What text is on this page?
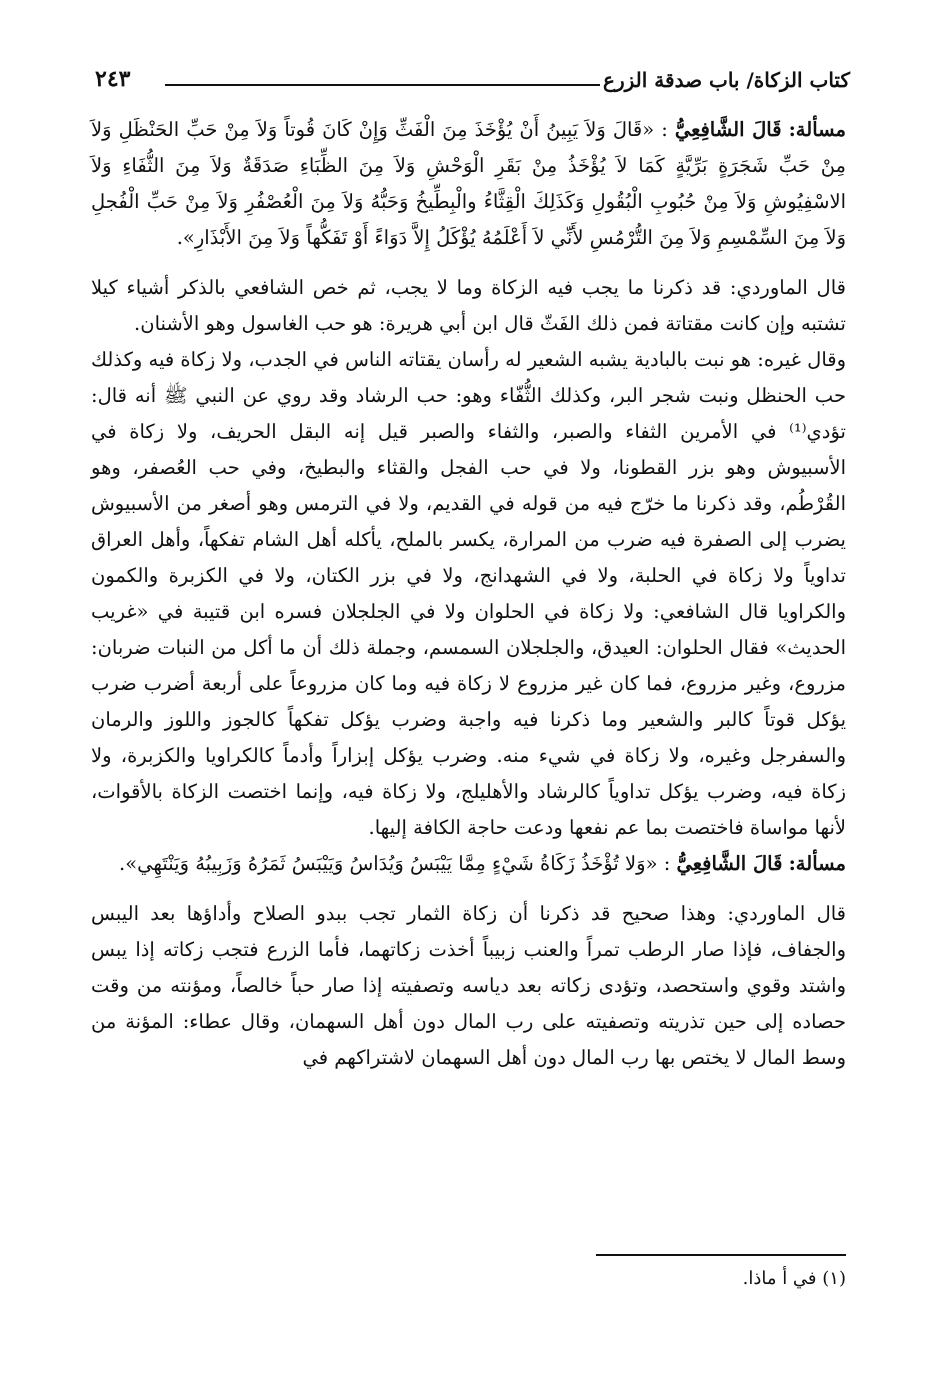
كتاب الزكاة/ باب صدقة الزرع
٢٤٣

مسألة: قَالَ الشَّافِعِيُّ : «قَالَ وَلاَ يَبِينُ أَنْ يُؤْخَذَ مِنَ الْفَثِّ وَإِنْ كَانَ قُوتاً وَلاَ مِنْ حَبِّ الحَنْظَلِ وَلاَ مِنْ حَبِّ شَجَرَةٍ بَرِّيَّةٍ كَمَا لاَ يُؤْخَذُ مِنْ بَقَرِ الْوَحْشِ وَلاَ مِنَ الظِّبَاءِ صَدَقَةٌ وَلاَ مِنَ الثُّفَاءِ وَلاَ الاسْفِيُوشِ وَلاَ مِنْ حُبُوبِ الْبُقُولِ وَكَذَلِكَ الْقِثَّاءُ والْبِطِّيخُ وَحَبُّهُ وَلاَ مِنَ الْعُصْفُرِ وَلاَ مِنْ حَبِّ الْفُجلِ وَلاَ مِنَ السِّمْسِمِ وَلاَ مِنَ التُّرْمُسِ لأَنِّي لاَ أَعْلَمُهُ يُؤْكَلُ إِلاَّ دَوَاءً أَوْ تَفَكُّهاً وَلاَ مِنَ الأَبْذَارِ».

قال الماوردي: قد ذكرنا ما يجب فيه الزكاة وما لا يجب، ثم خص الشافعي بالذكر أشياء كيلا تشتبه وإن كانت مقتاتة فمن ذلك الفَثّ قال ابن أبي هريرة: هو حب الغاسول وهو الأشنان.

وقال غيره: هو نبت بالبادية يشبه الشعير له رأسان يقتاته الناس في الجدب، ولا زكاة فيه وكذلك حب الحنظل ونبت شجر البر، وكذلك الثُّفّاء وهو: حب الرشاد وقد روي عن النبي ﷺ أنه قال: تؤدي⁽¹⁾ في الأمرين الثفاء والصبر، والثفاء والصبر قيل إنه البقل الحريف، ولا زكاة في الأسبيوش وهو بزر القطونا، ولا في حب الفجل والقثاء والبطيخ، وفي حب العُصفر، وهو القُرْطُم، وقد ذكرنا ما خرّج فيه من قوله في القديم، ولا في الترمس وهو أصغر من الأسبيوش يضرب إلى الصفرة فيه ضرب من المرارة، يكسر بالملح، يأكله أهل الشام تفكهاً، وأهل العراق تداوياً ولا زكاة في الحلبة، ولا في الشهدانج، ولا في بزر الكتان، ولا في الكزبرة والكمون والكراويا قال الشافعي: ولا زكاة في الحلوان ولا في الجلجلان فسره ابن قتيبة في «غريب الحديث» فقال الحلوان: العيدق، والجلجلان السمسم، وجملة ذلك أن ما أكل من النبات ضربان: مزروع، وغير مزروع، فما كان غير مزروع لا زكاة فيه وما كان مزروعاً على أربعة أضرب ضرب يؤكل قوتاً كالبر والشعير وما ذكرنا فيه واجبة وضرب يؤكل تفكهاً كالجوز واللوز والرمان والسفرجل وغيره، ولا زكاة في شيء منه. وضرب يؤكل إبزاراً وأدماً كالكراويا والكزبرة، ولا زكاة فيه، وضرب يؤكل تداوياً كالرشاد والأهليلج، ولا زكاة فيه، وإنما اختصت الزكاة بالأقوات، لأنها مواساة فاختصت بما عم نفعها ودعت حاجة الكافة إليها.

مسألة: قَالَ الشَّافِعِيُّ : «وَلا تُؤْخَذُ زَكَاةُ شَيْءٍ مِمَّا يَيْبَسُ وَيُدَاسُ وَيَيْبَسُ ثَمَرُهُ وَزَبِيبُهُ وَيَنْتَهِي».

قال الماوردي: وهذا صحيح قد ذكرنا أن زكاة الثمار تجب ببدو الصلاح وأداؤها بعد اليبس والجفاف، فإذا صار الرطب تمراً والعنب زبيباً أخذت زكاتهما، فأما الزرع فتجب زكاته إذا يبس واشتد وقوي واستحصد، وتؤدى زكاته بعد دياسه وتصفيته إذا صار حباً خالصاً، ومؤنته من وقت حصاده إلى حين تذريته وتصفيته على رب المال دون أهل السهمان، وقال عطاء: المؤنة من وسط المال لا يختص بها رب المال دون أهل السهمان لاشتراكهم في

(١) في أ ماذا.
